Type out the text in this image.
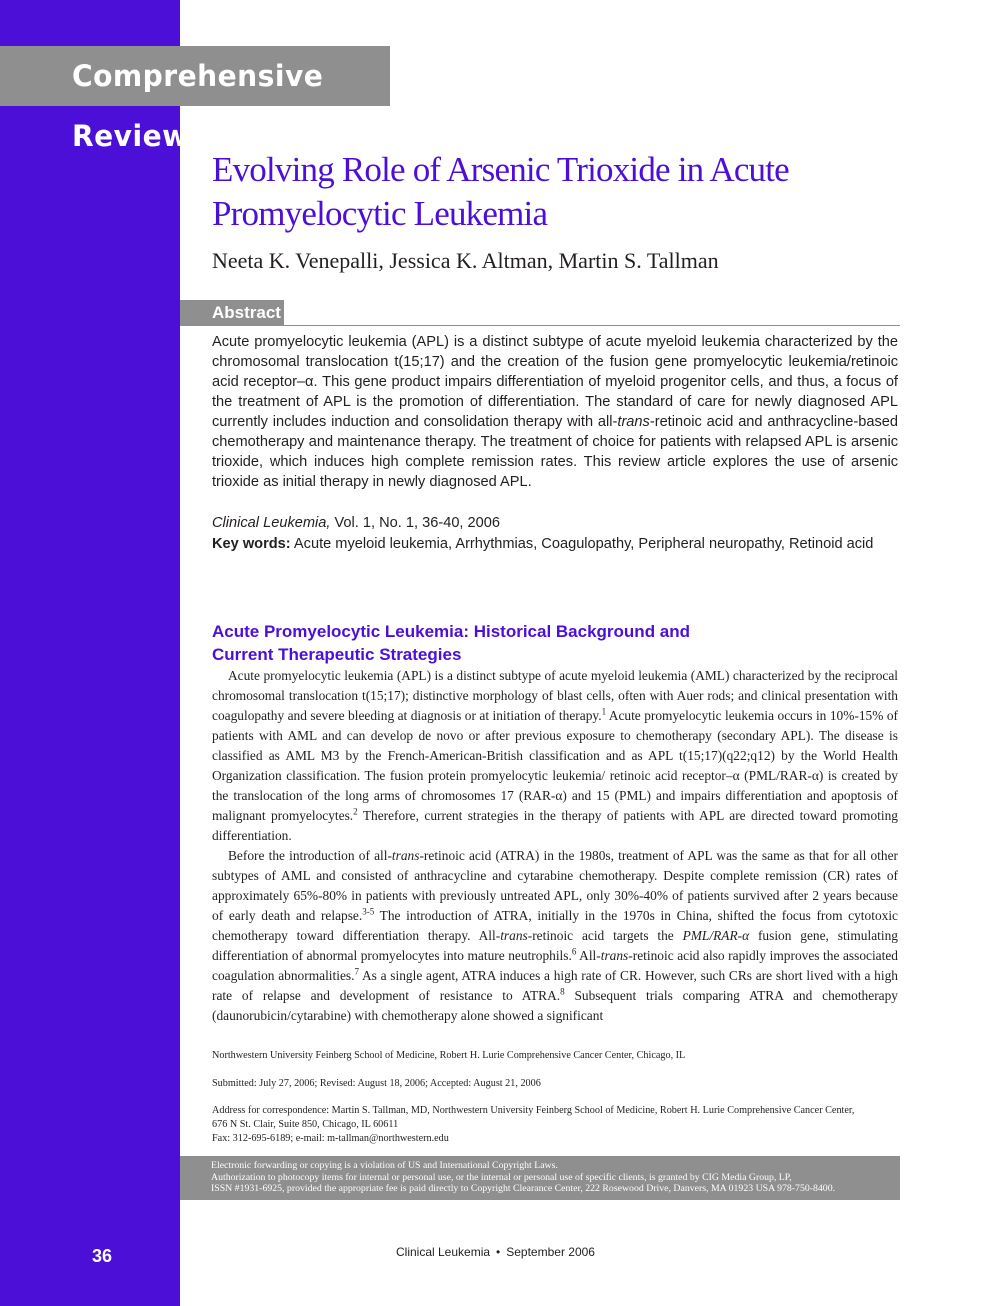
Comprehensive Review
36
Evolving Role of Arsenic Trioxide in Acute Promyelocytic Leukemia
Neeta K. Venepalli, Jessica K. Altman, Martin S. Tallman
Abstract

Acute promyelocytic leukemia (APL) is a distinct subtype of acute myeloid leukemia characterized by the chromosomal translocation t(15;17) and the creation of the fusion gene promyelocytic leukemia/retinoic acid receptor–α. This gene product impairs differentiation of myeloid progenitor cells, and thus, a focus of the treatment of APL is the promotion of differentiation. The standard of care for newly diagnosed APL currently includes induction and consolidation therapy with all-trans-retinoic acid and anthracycline-based chemotherapy and maintenance therapy. The treatment of choice for patients with relapsed APL is arsenic trioxide, which induces high complete remission rates. This review article explores the use of arsenic trioxide as initial therapy in newly diagnosed APL.

Clinical Leukemia, Vol. 1, No. 1, 36-40, 2006
Key words: Acute myeloid leukemia, Arrhythmias, Coagulopathy, Peripheral neuropathy, Retinoid acid
Acute Promyelocytic Leukemia: Historical Background and
Current Therapeutic Strategies

Acute promyelocytic leukemia (APL) is a distinct subtype of acute myeloid leukemia (AML) characterized by the reciprocal chromosomal translocation t(15;17); distinctive morphology of blast cells, often with Auer rods; and clinical presentation with coagulopathy and severe bleeding at diagnosis or at initiation of therapy.$^1$ Acute promyelocytic leukemia occurs in 10%-15% of patients with AML and can develop de novo or after previous exposure to chemotherapy (secondary APL). The disease is classified as AML M3 by the French-American-British classification and as APL t(15;17)(q22;q12) by the World Health Organization classification. The fusion protein promyelocytic leukemia/ retinoic acid receptor–α (PML/RAR-α) is created by the translocation of the long arms of chromosomes 17 (RAR-α) and 15 (PML) and impairs differentiation and apoptosis of malignant promyelocytes.$^2$ Therefore, current strategies in the therapy of patients with APL are directed toward promoting differentiation.

Before the introduction of all-trans-retinoic acid (ATRA) in the 1980s, treatment of APL was the same as that for all other subtypes of AML and consisted of anthracycline and cytarabine chemotherapy. Despite complete remission (CR) rates of approximately 65%-80% in patients with previously untreated APL, only 30%-40% of patients survived after 2 years because of early death and relapse.$^{3-5}$ The introduction of ATRA, initially in the 1970s in China, shifted the focus from cytotoxic chemotherapy toward differentiation therapy. All-trans-retinoic acid targets the PML/RAR-α fusion gene, stimulating differentiation of abnormal promyelocytes into mature neutrophils.$^6$ All-trans-retinoic acid also rapidly improves the associated coagulation abnormalities.$^7$ As a single agent, ATRA induces a high rate of CR. However, such CRs are short lived with a high rate of relapse and development of resistance to ATRA.$^8$ Subsequent trials comparing ATRA and chemotherapy (daunorubicin/cytarabine) with chemotherapy alone showed a significant

Northwestern University Feinberg School of Medicine, Robert H. Lurie Comprehensive Cancer Center, Chicago, IL
Submitted: July 27, 2006; Revised: August 18, 2006; Accepted: August 21, 2006
Address for correspondence: Martin S. Tallman, MD, Northwestern University Feinberg School of Medicine, Robert H. Lurie Comprehensive Cancer Center,
676 N St. Clair, Suite 850, Chicago, IL 60611
Fax: 312-695-6189; e-mail: m-tallman@northwestern.edu
Electronic forwarding or copying is a violation of US and International Copyright Laws.
Authorization to photocopy items for internal or personal use, or the internal or personal use of specific clients, is granted by CIG Media Group, LP,
ISSN #1931-6925, provided the appropriate fee is paid directly to Copyright Clearance Center, 222 Rosewood Drive, Danvers, MA 01923 USA 978-750-8400.
Clinical Leukemia • September 2006
